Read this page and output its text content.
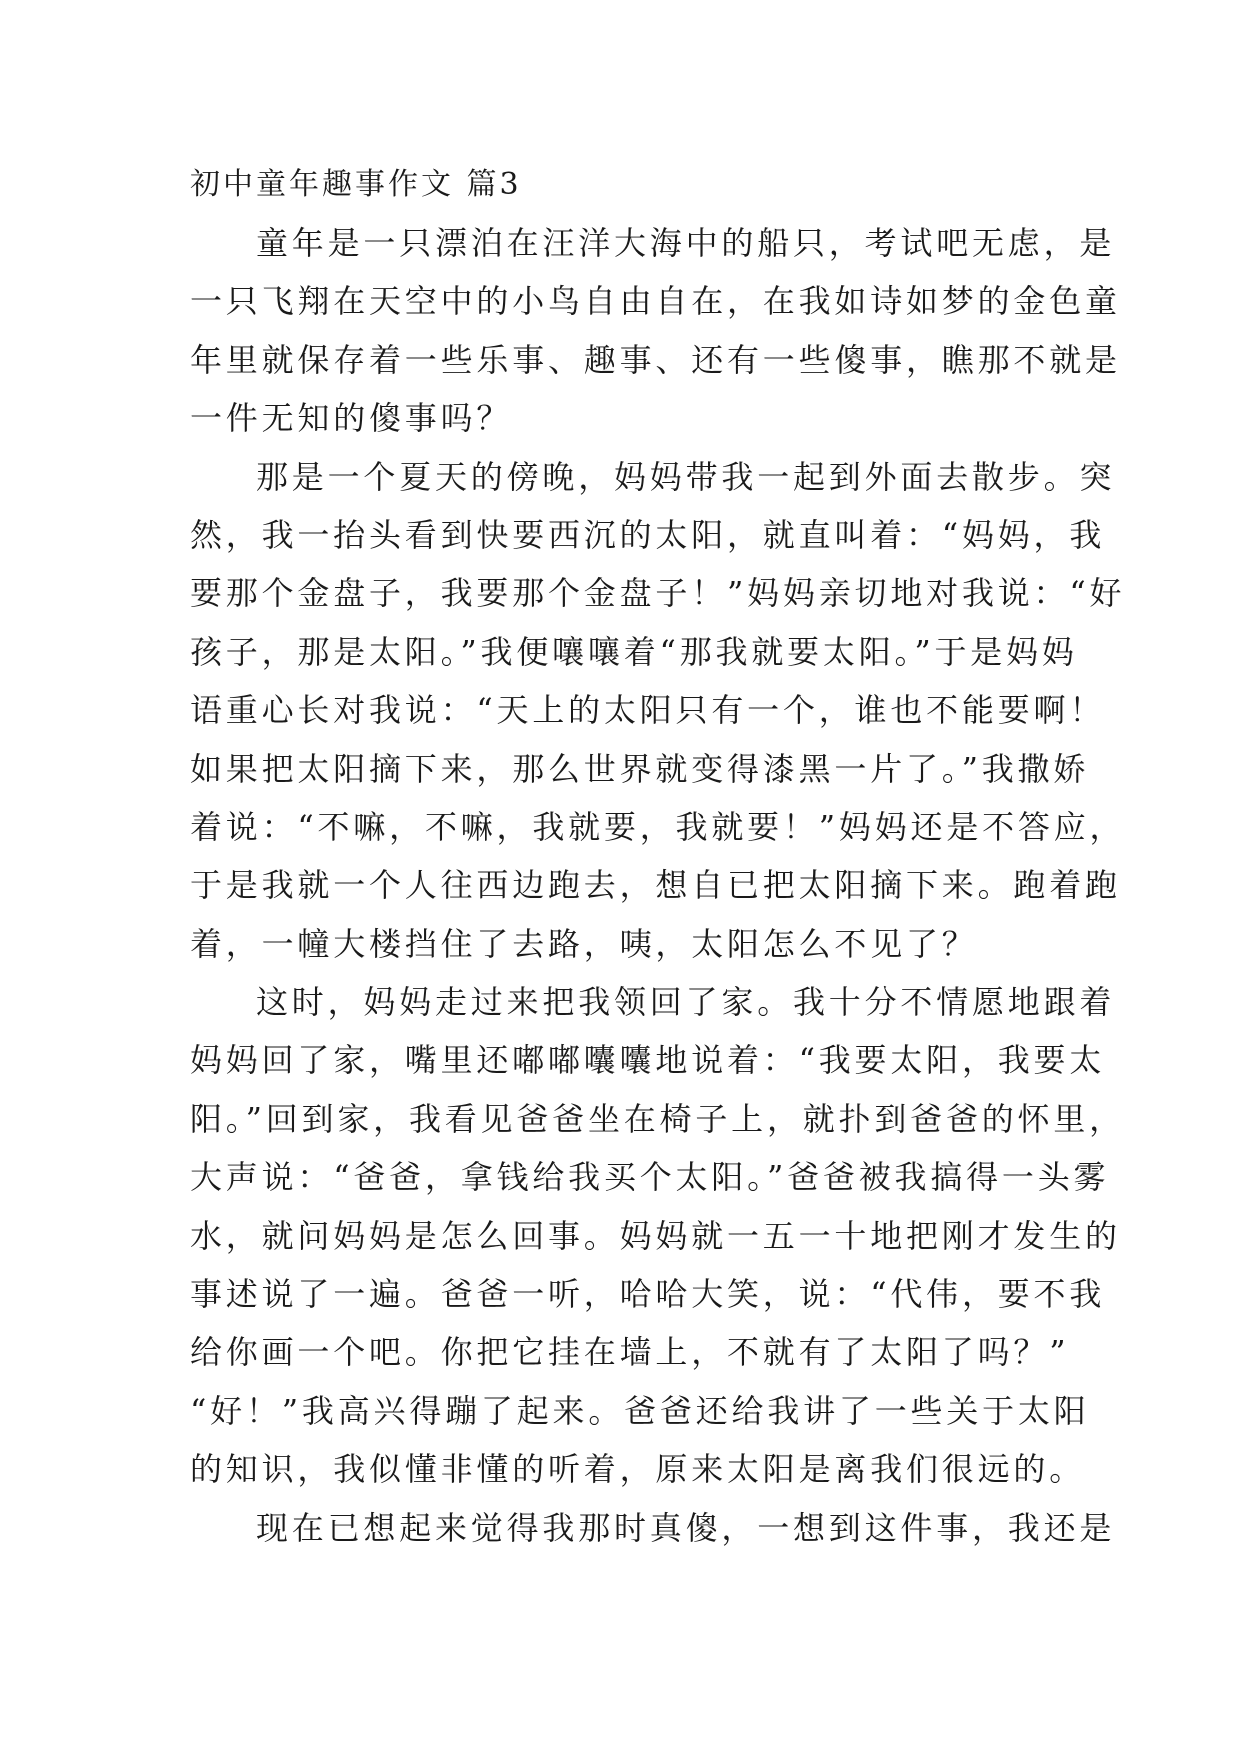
初中童年趣事作文 篇3
童年是一只漂泊在汪洋大海中的船只，考试吧无虑，是
一只飞翔在天空中的小鸟自由自在，在我如诗如梦的金色童
年里就保存着一些乐事、趣事、还有一些傻事，瞧那不就是
一件无知的傻事吗？
那是一个夏天的傍晚，妈妈带我一起到外面去散步。突
然，我一抬头看到快要西沉的太阳，就直叫着：“妈妈，我
要那个金盘子，我要那个金盘子！”妈妈亲切地对我说：“好
孩子，那是太阳。”我便嚷嚷着“那我就要太阳。”于是妈妈
语重心长对我说：“天上的太阳只有一个，谁也不能要啊！
如果把太阳摘下来，那么世界就变得漆黑一片了。”我撒娇
着说：“不嘛，不嘛，我就要，我就要！”妈妈还是不答应，
于是我就一个人往西边跑去，想自已把太阳摘下来。跑着跑
着，一幢大楼挡住了去路，咦，太阳怎么不见了？
这时，妈妈走过来把我领回了家。我十分不情愿地跟着
妈妈回了家，嘴里还嘟嘟囔囔地说着：“我要太阳，我要太
阳。”回到家，我看见爸爸坐在椅子上，就扑到爸爸的怀里，
大声说：“爸爸，拿钱给我买个太阳。”爸爸被我搞得一头雾
水，就问妈妈是怎么回事。妈妈就一五一十地把刚才发生的
事述说了一遍。爸爸一听，哈哈大笑，说：“代伟，要不我
给你画一个吧。你把它挂在墙上，不就有了太阳了吗？”
“好！”我高兴得蹦了起来。爸爸还给我讲了一些关于太阳
的知识，我似懂非懂的听着，原来太阳是离我们很远的。
现在已想起来觉得我那时真傻，一想到这件事，我还是
